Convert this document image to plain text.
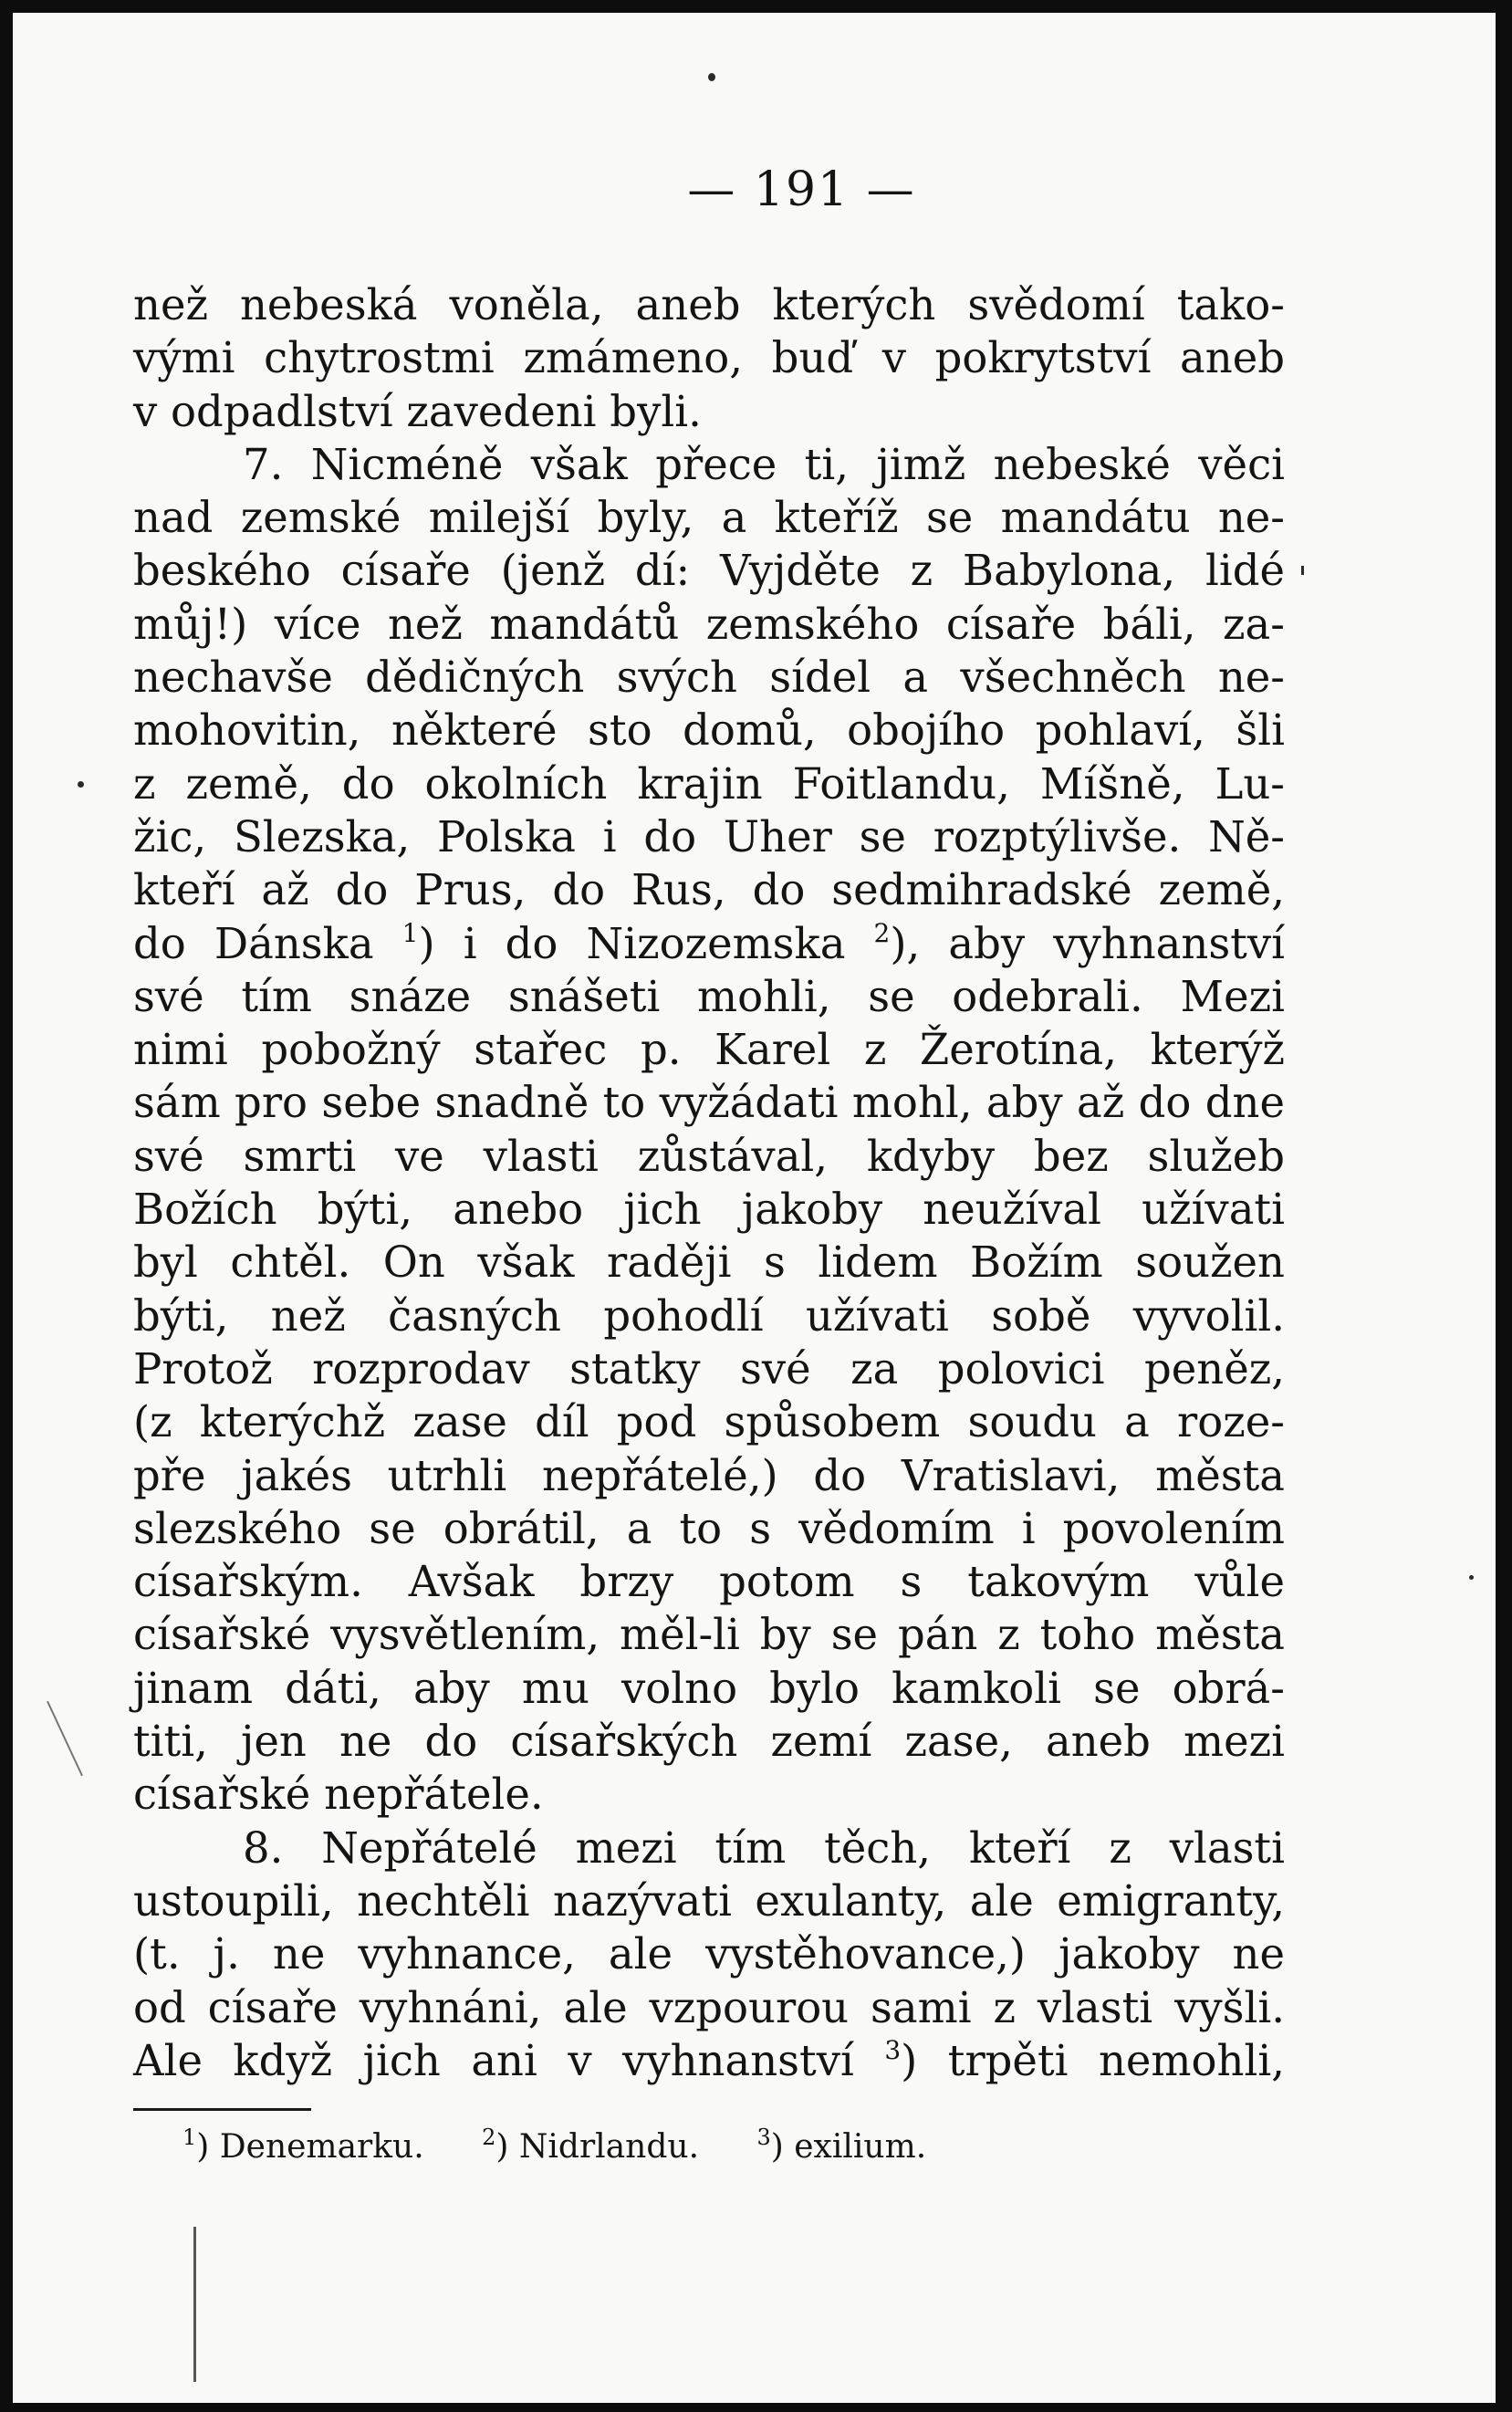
— 191 —
než nebeská voněla, aneb kterých svědomí tako-
vými chytrostmi zmámeno, buď v pokrytství aneb
v odpadlství zavedeni byli.
7. Nicméně však přece ti, jimž nebeské věci
nad zemské milejší byly, a kteříž se mandátu ne-
beského císaře (jenž dí: Vyjděte z Babylona, lidé
můj!) více než mandátů zemského císaře báli, za-
nechavše dědičných svých sídel a všechněch ne-
mohovitin, některé sto domů, obojího pohlaví, šli
z země, do okolních krajin Foitlandu, Míšně, Lu-
žic, Slezska, Polska i do Uher se rozptýlivše. Ně-
kteří až do Prus, do Rus, do sedmihradské země,
do Dánska $^1$) i do Nizozemska $^2$), aby vyhnanství
své tím snáze snášeti mohli, se odebrali. Mezi
nimi pobožný stařec p. Karel z Žerotína, kterýž
sám pro sebe snadně to vyžádati mohl, aby až do dne
své smrti ve vlasti zůstával, kdyby bez služeb
Božích býti, anebo jich jakoby neužíval užívati
byl chtěl. On však raději s lidem Božím soužen
býti, než časných pohodlí užívati sobě vyvolil.
Protož rozprodav statky své za polovici peněz,
(z kterýchž zase díl pod spůsobem soudu a roze-
pře jakés utrhli nepřátelé,) do Vratislavi, města
slezského se obrátil, a to s vědomím i povolením
císařským. Avšak brzy potom s takovým vůle
císařské vysvětlením, měl-li by se pán z toho města
jinam dáti, aby mu volno bylo kamkoli se obrá-
titi, jen ne do císařských zemí zase, aneb mezi
císařské nepřátele.
8. Nepřátelé mezi tím těch, kteří z vlasti
ustoupili, nechtěli nazývati exulanty, ale emigranty,
(t. j. ne vyhnance, ale vystěhovance,) jakoby ne
od císaře vyhnáni, ale vzpourou sami z vlasti vyšli.
Ale když jich ani v vyhnanství $^3$) trpěti nemohli,
$^1$) Denemarku.	$^2$) Nidrlandu.	$^3$) exilium.
